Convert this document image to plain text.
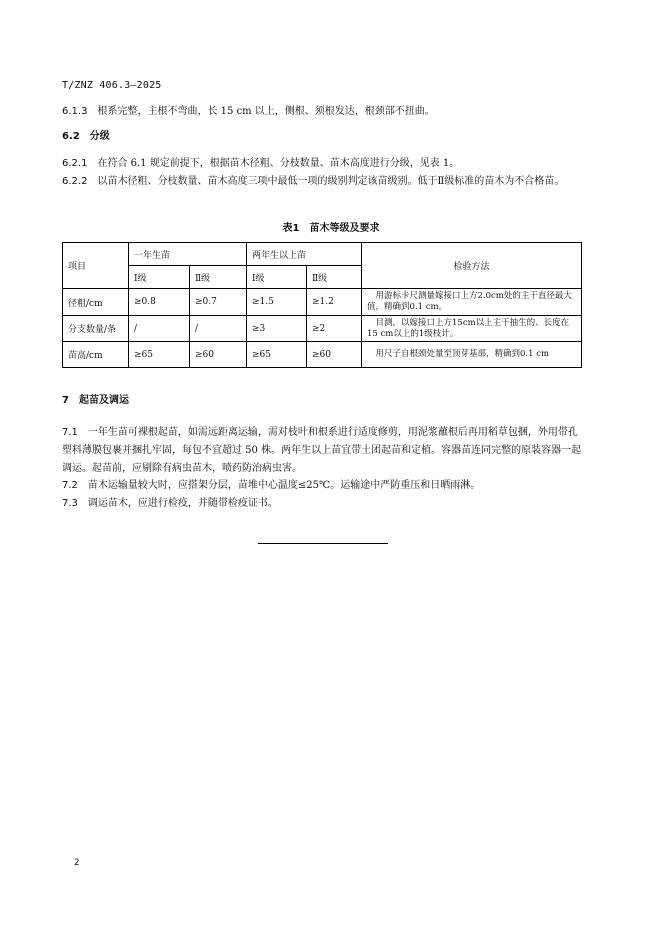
T/ZNZ 406.3—2025
6.1.3 根系完整，主根不弯曲，长 15 cm 以上，侧根、须根发达，根颈部不扭曲。
6.2 分级
6.2.1 在符合 6.1 规定前提下，根据苗木径粗、分枝数量、苗木高度进行分级，见表 1。
6.2.2 以苗木径粗、分枝数量、苗木高度三项中最低一项的级别判定该苗级别。低于Ⅱ级标准的苗木为不合格苗。
表1　苗木等级及要求
项目	一年生苗		两年生以上苗		检验方法
	Ⅰ级	Ⅱ级	Ⅰ级	Ⅱ级	
径粗/cm	≥0.8	≥0.7	≥1.5	≥1.2	用游标卡尺测量嫁接口上方2.0cm处的主干直径最大值，精确到0.1 cm。
分支数量/条	/	/	≥3	≥2	目测，以嫁接口上方15cm以上主干抽生的、长度在15 cm以上的1级枝计。
苗高/cm	≥65	≥60	≥65	≥60	用尺子自根颈处量至顶芽基部，精确到0.1 cm
7 起苗及调运
7.1 一年生苗可裸根起苗，如需远距离运输，需对枝叶和根系进行适度修剪，用泥浆蘸根后再用稻草包捆，外用带孔塑料薄膜包裹并捆扎牢固，每包不宜超过 50 株。两年生以上苗宜带土团起苗和定植。容器苗连同完整的原装容器一起调运。起苗前，应剔除有病虫苗木，喷药防治病虫害。
7.2 苗木运输量较大时，应搭架分层，苗堆中心温度≤25℃。运输途中严防重压和日晒雨淋。
7.3 调运苗木，应进行检疫，并随带检疫证书。
2
